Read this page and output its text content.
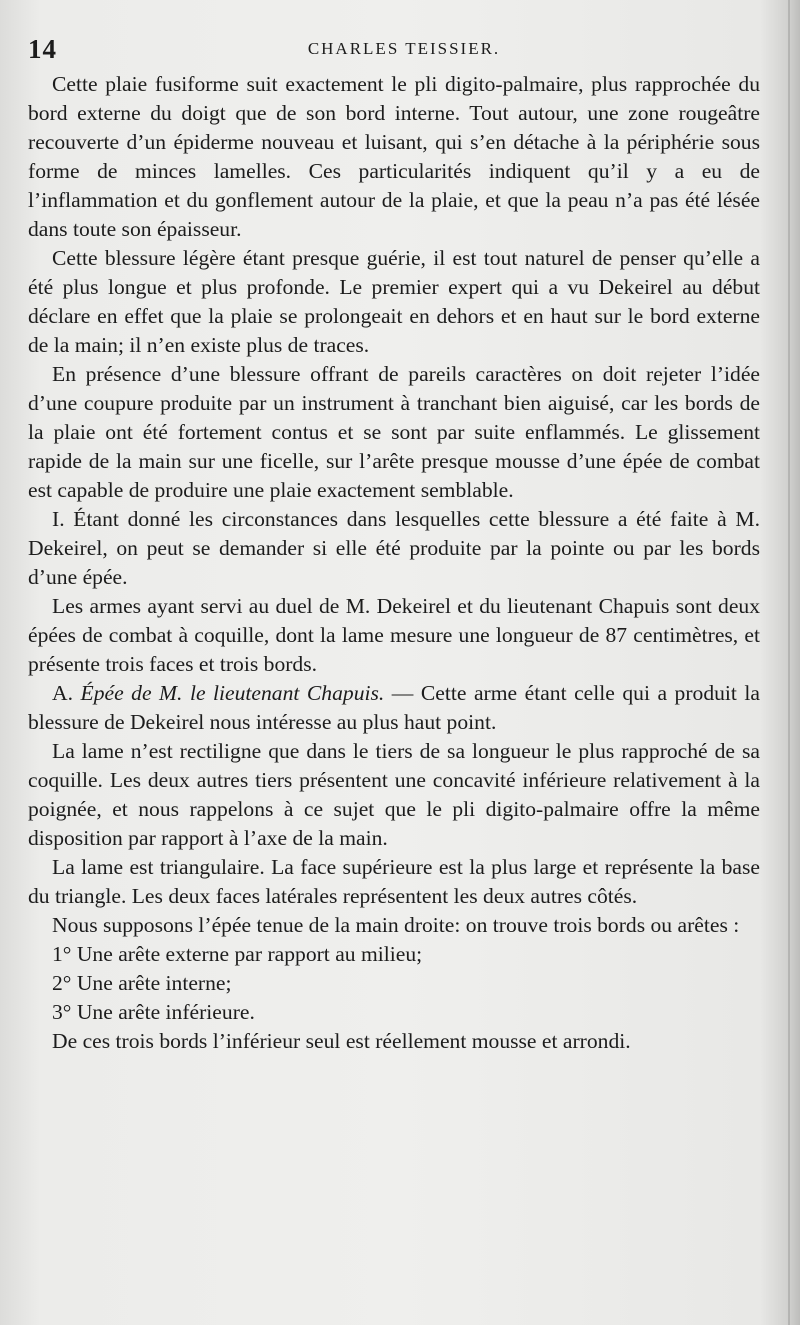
14	CHARLES TEISSIER.

Cette plaie fusiforme suit exactement le pli digito-palmaire, plus rapprochée du bord externe du doigt que de son bord interne. Tout autour, une zone rougeâtre recouverte d’un épiderme nouveau et luisant, qui s’en détache à la périphérie sous forme de minces lamelles. Ces particularités indiquent qu’il y a eu de l’inflammation et du gonflement autour de la plaie, et que la peau n’a pas été lésée dans toute son épaisseur.

Cette blessure légère étant presque guérie, il est tout naturel de penser qu’elle a été plus longue et plus profonde. Le premier expert qui a vu Dekeirel au début déclare en effet que la plaie se prolongeait en dehors et en haut sur le bord externe de la main; il n’en existe plus de traces.

En présence d’une blessure offrant de pareils caractères on doit rejeter l’idée d’une coupure produite par un instrument à tranchant bien aiguisé, car les bords de la plaie ont été fortement contus et se sont par suite enflammés. Le glissement rapide de la main sur une ficelle, sur l’arête presque mousse d’une épée de combat est capable de produire une plaie exactement semblable.

I. Étant donné les circonstances dans lesquelles cette blessure a été faite à M. Dekeirel, on peut se demander si elle été produite par la pointe ou par les bords d’une épée.

Les armes ayant servi au duel de M. Dekeirel et du lieutenant Chapuis sont deux épées de combat à coquille, dont la lame mesure une longueur de 87 centimètres, et présente trois faces et trois bords.

A. Épée de M. le lieutenant Chapuis. — Cette arme étant celle qui a produit la blessure de Dekeirel nous intéresse au plus haut point.

La lame n’est rectiligne que dans le tiers de sa longueur le plus rapproché de sa coquille. Les deux autres tiers présentent une concavité inférieure relativement à la poignée, et nous rappelons à ce sujet que le pli digito-palmaire offre la même disposition par rapport à l’axe de la main.

La lame est triangulaire. La face supérieure est la plus large et représente la base du triangle. Les deux faces latérales représentent les deux autres côtés.

Nous supposons l’épée tenue de la main droite: on trouve trois bords ou arêtes :

1° Une arête externe par rapport au milieu;

2° Une arête interne;

3° Une arête inférieure.

De ces trois bords l’inférieur seul est réellement mousse et arrondi.
